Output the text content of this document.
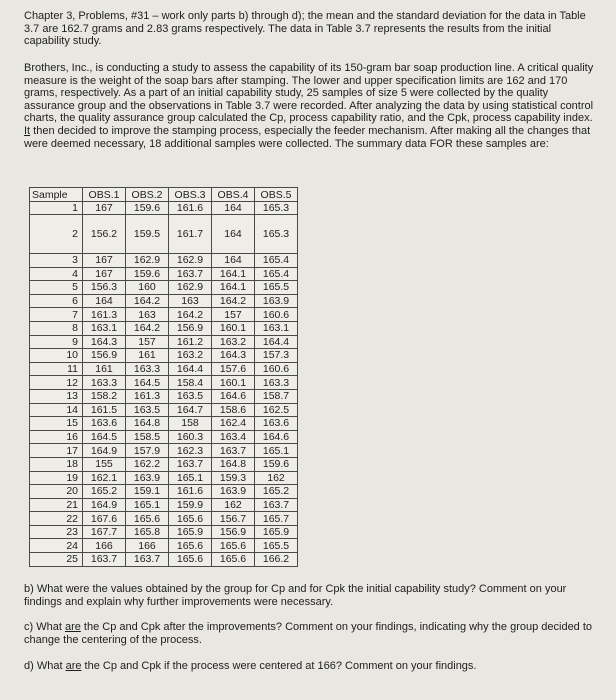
Chapter 3, Problems, #31 – work only parts b) through d); the mean and the standard deviation for the data in Table 3.7 are 162.7 grams and 2.83 grams respectively. The data in Table 3.7 represents the results from the initial capability study.

Brothers, Inc., is conducting a study to assess the capability of its 150-gram bar soap production line. A critical quality measure is the weight of the soap bars after stamping. The lower and upper specification limits are 162 and 170 grams, respectively. As a part of an initial capability study, 25 samples of size 5 were collected by the quality assurance group and the observations in Table 3.7 were recorded. After analyzing the data by using statistical control charts, the quality assurance group calculated the Cp, process capability ratio, and the Cpk, process capability index. It then decided to improve the stamping process, especially the feeder mechanism. After making all the changes that were deemed necessary, 18 additional samples were collected. The summary data FOR these samples are:

Sample	OBS.1	OBS.2	OBS.3	OBS.4	OBS.5
1	167	159.6	161.6	164	165.3
2	156.2	159.5	161.7	164	165.3
3	167	162.9	162.9	164	165.4
4	167	159.6	163.7	164.1	165.4
5	156.3	160	162.9	164.1	165.5
6	164	164.2	163	164.2	163.9
7	161.3	163	164.2	157	160.6
8	163.1	164.2	156.9	160.1	163.1
9	164.3	157	161.2	163.2	164.4
10	156.9	161	163.2	164.3	157.3
11	161	163.3	164.4	157.6	160.6
12	163.3	164.5	158.4	160.1	163.3
13	158.2	161.3	163.5	164.6	158.7
14	161.5	163.5	164.7	158.6	162.5
15	163.6	164.8	158	162.4	163.6
16	164.5	158.5	160.3	163.4	164.6
17	164.9	157.9	162.3	163.7	165.1
18	155	162.2	163.7	164.8	159.6
19	162.1	163.9	165.1	159.3	162
20	165.2	159.1	161.6	163.9	165.2
21	164.9	165.1	159.9	162	163.7
22	167.6	165.6	165.6	156.7	165.7
23	167.7	165.8	165.9	156.9	165.9
24	166	166	165.6	165.6	165.5
25	163.7	163.7	165.6	165.6	166.2

b) What were the values obtained by the group for Cp and for Cpk the initial capability study? Comment on your findings and explain why further improvements were necessary.

c) What are the Cp and Cpk after the improvements? Comment on your findings, indicating why the group decided to change the centering of the process.

d) What are the Cp and Cpk if the process were centered at 166? Comment on your findings.
